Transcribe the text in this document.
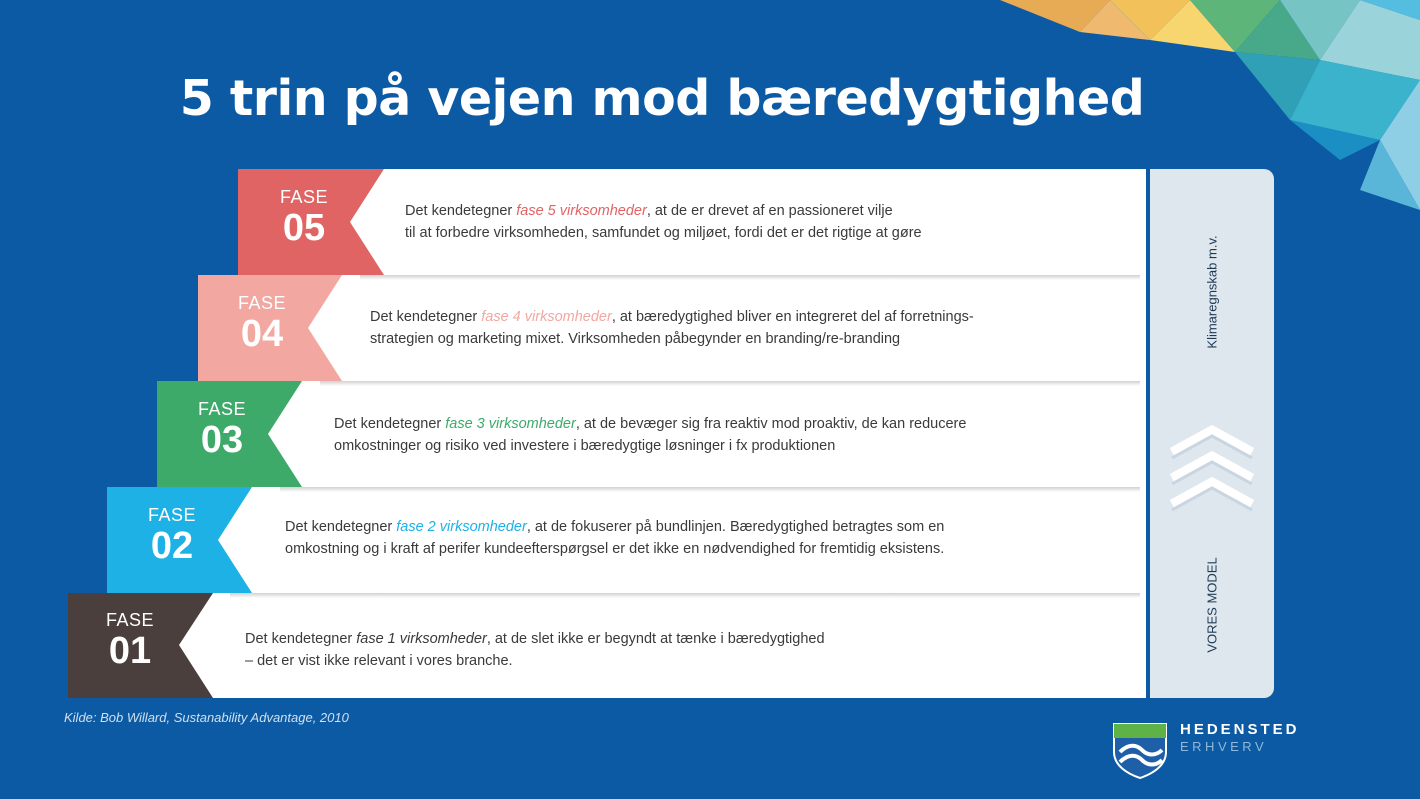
5 trin på vejen mod bæredygtighed
FASE
05
FASE
04
FASE
03
FASE
02
FASE
01
Det kendetegner fase 5 virksomheder, at de er drevet af en passioneret vilje
til at forbedre virksomheden, samfundet og miljøet, fordi det er det rigtige at gøre
Det kendetegner fase 4 virksomheder, at bæredygtighed bliver en integreret del af forretnings-
strategien og marketing mixet. Virksomheden påbegynder en branding/re-branding
Det kendetegner fase 3 virksomheder, at de bevæger sig fra reaktiv mod proaktiv, de kan reducere
omkostninger og risiko ved investere i bæredygtige løsninger i fx produktionen
Det kendetegner fase 2 virksomheder, at de fokuserer på bundlinjen. Bæredygtighed betragtes som en
omkostning og i kraft af perifer kundeefterspørgsel er det ikke en nødvendighed for fremtidig eksistens.
Det kendetegner fase 1 virksomheder, at de slet ikke er begyndt at tænke i bæredygtighed
– det er vist ikke relevant i vores branche.
Klimaregnskab m.v.
VORES MODEL
Kilde: Bob Willard, Sustanability Advantage, 2010
HEDENSTED
ERHVERV
